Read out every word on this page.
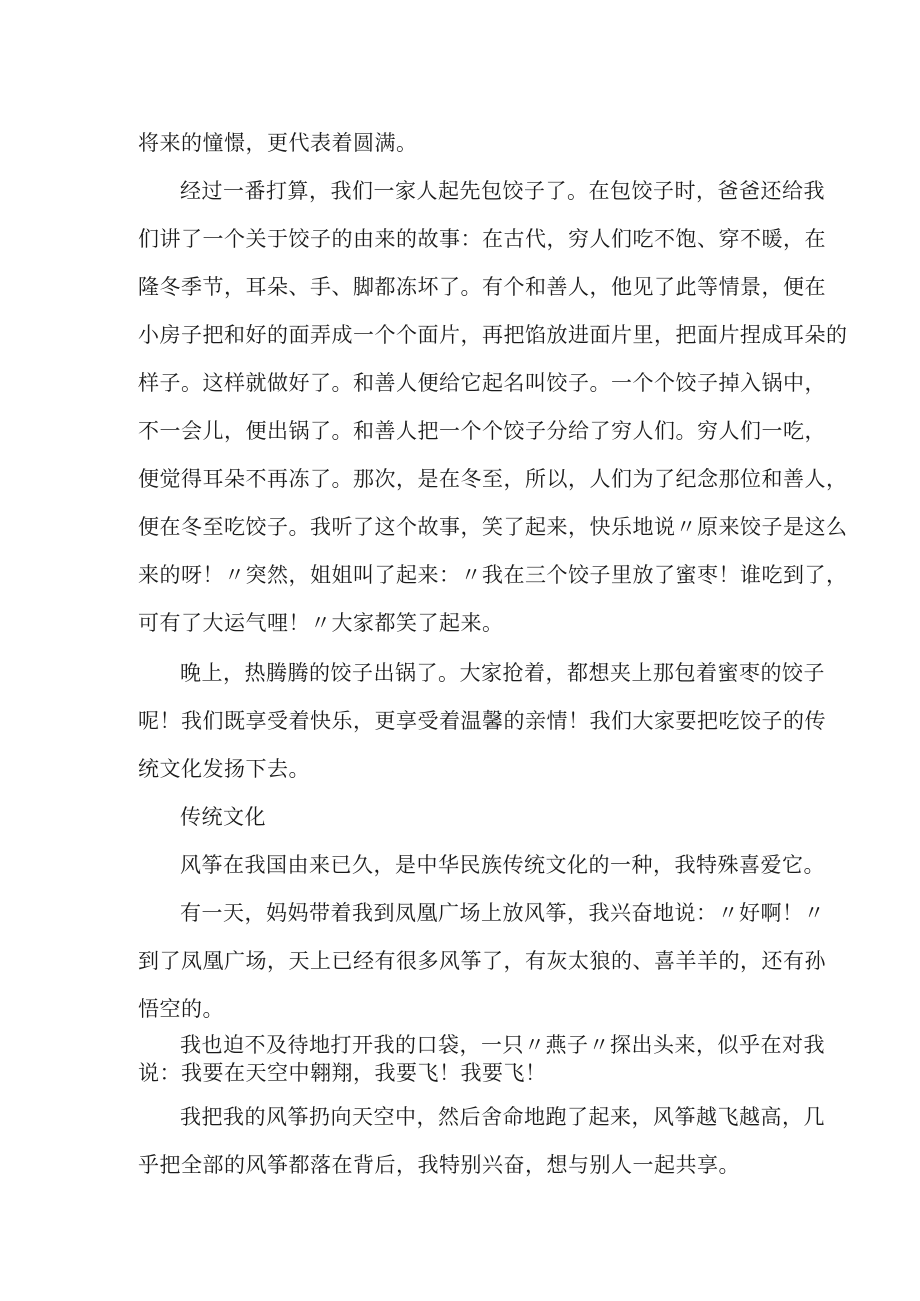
将来的憧憬，更代表着圆满。
经过一番打算，我们一家人起先包饺子了。在包饺子时，爸爸还给我
们讲了一个关于饺子的由来的故事：在古代，穷人们吃不饱、穿不暖，在
隆冬季节，耳朵、手、脚都冻坏了。有个和善人，他见了此等情景，便在
小房子把和好的面弄成一个个面片，再把馅放进面片里，把面片捏成耳朵的
样子。这样就做好了。和善人便给它起名叫饺子。一个个饺子掉入锅中，
不一会儿，便出锅了。和善人把一个个饺子分给了穷人们。穷人们一吃，
便觉得耳朵不再冻了。那次，是在冬至，所以，人们为了纪念那位和善人，
便在冬至吃饺子。我听了这个故事，笑了起来，快乐地说〃原来饺子是这么
来的呀！〃突然，姐姐叫了起来：〃我在三个饺子里放了蜜枣！谁吃到了，
可有了大运气哩！〃大家都笑了起来。
晚上，热腾腾的饺子出锅了。大家抢着，都想夹上那包着蜜枣的饺子
呢！我们既享受着快乐，更享受着温馨的亲情！我们大家要把吃饺子的传
统文化发扬下去。
传统文化
风筝在我国由来已久，是中华民族传统文化的一种，我特殊喜爱它。
有一天，妈妈带着我到凤凰广场上放风筝，我兴奋地说：〃好啊！〃
到了凤凰广场，天上已经有很多风筝了，有灰太狼的、喜羊羊的，还有孙
悟空的。
我也迫不及待地打开我的口袋，一只〃燕子〃探出头来，似乎在对我
说：我要在天空中翱翔，我要飞！我要飞！
我把我的风筝扔向天空中，然后舍命地跑了起来，风筝越飞越高，几
乎把全部的风筝都落在背后，我特别兴奋，想与别人一起共享。
